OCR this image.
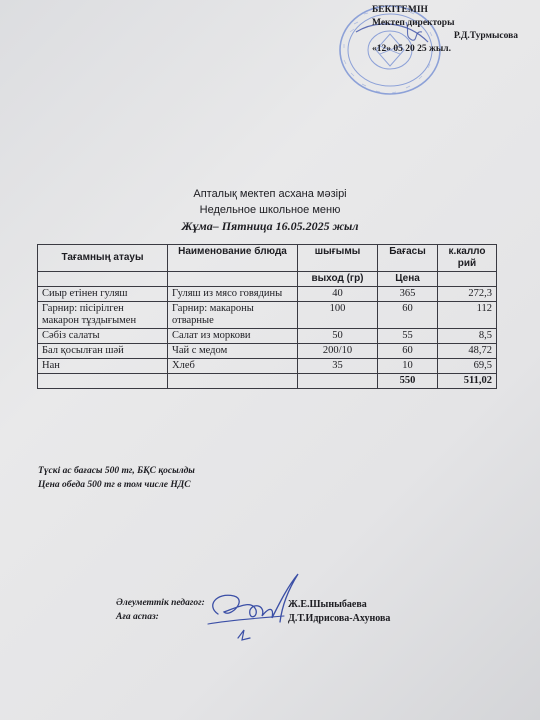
БЕКІТЕМІН
Мектеп директоры
Р.Д.Турмысова
«12» 05 20 25 жыл.
Апталық мектеп асхана мәзірі
Недельное школьное меню
Жұма– Пятница 16.05.2025 жыл
Тағамның атауы	Наименование блюда	шығымы	Бағасы	к.калло рий
		выход (гр)	Цена	
Сиыр етінен гуляш	Гуляш из мясо говядины	40	365	272,3
Гарнир: пісірілген макарон тұздығымен	Гарнир: макароны отварные	100	60	112
Сәбіз салаты	Салат из моркови	50	55	8,5
Бал қосылған шәй	Чай с медом	200/10	60	48,72
Нан	Хлеб	35	10	69,5
			550	511,02
Түскі ас бағасы 500 тг, БҚС қосылды
Цена обеда 500 тг в том числе НДС
Әлеуметтік педагог:
Аға аспаз:
Ж.Е.Шыныбаева
Д.Т.Идрисова-Ахунова
